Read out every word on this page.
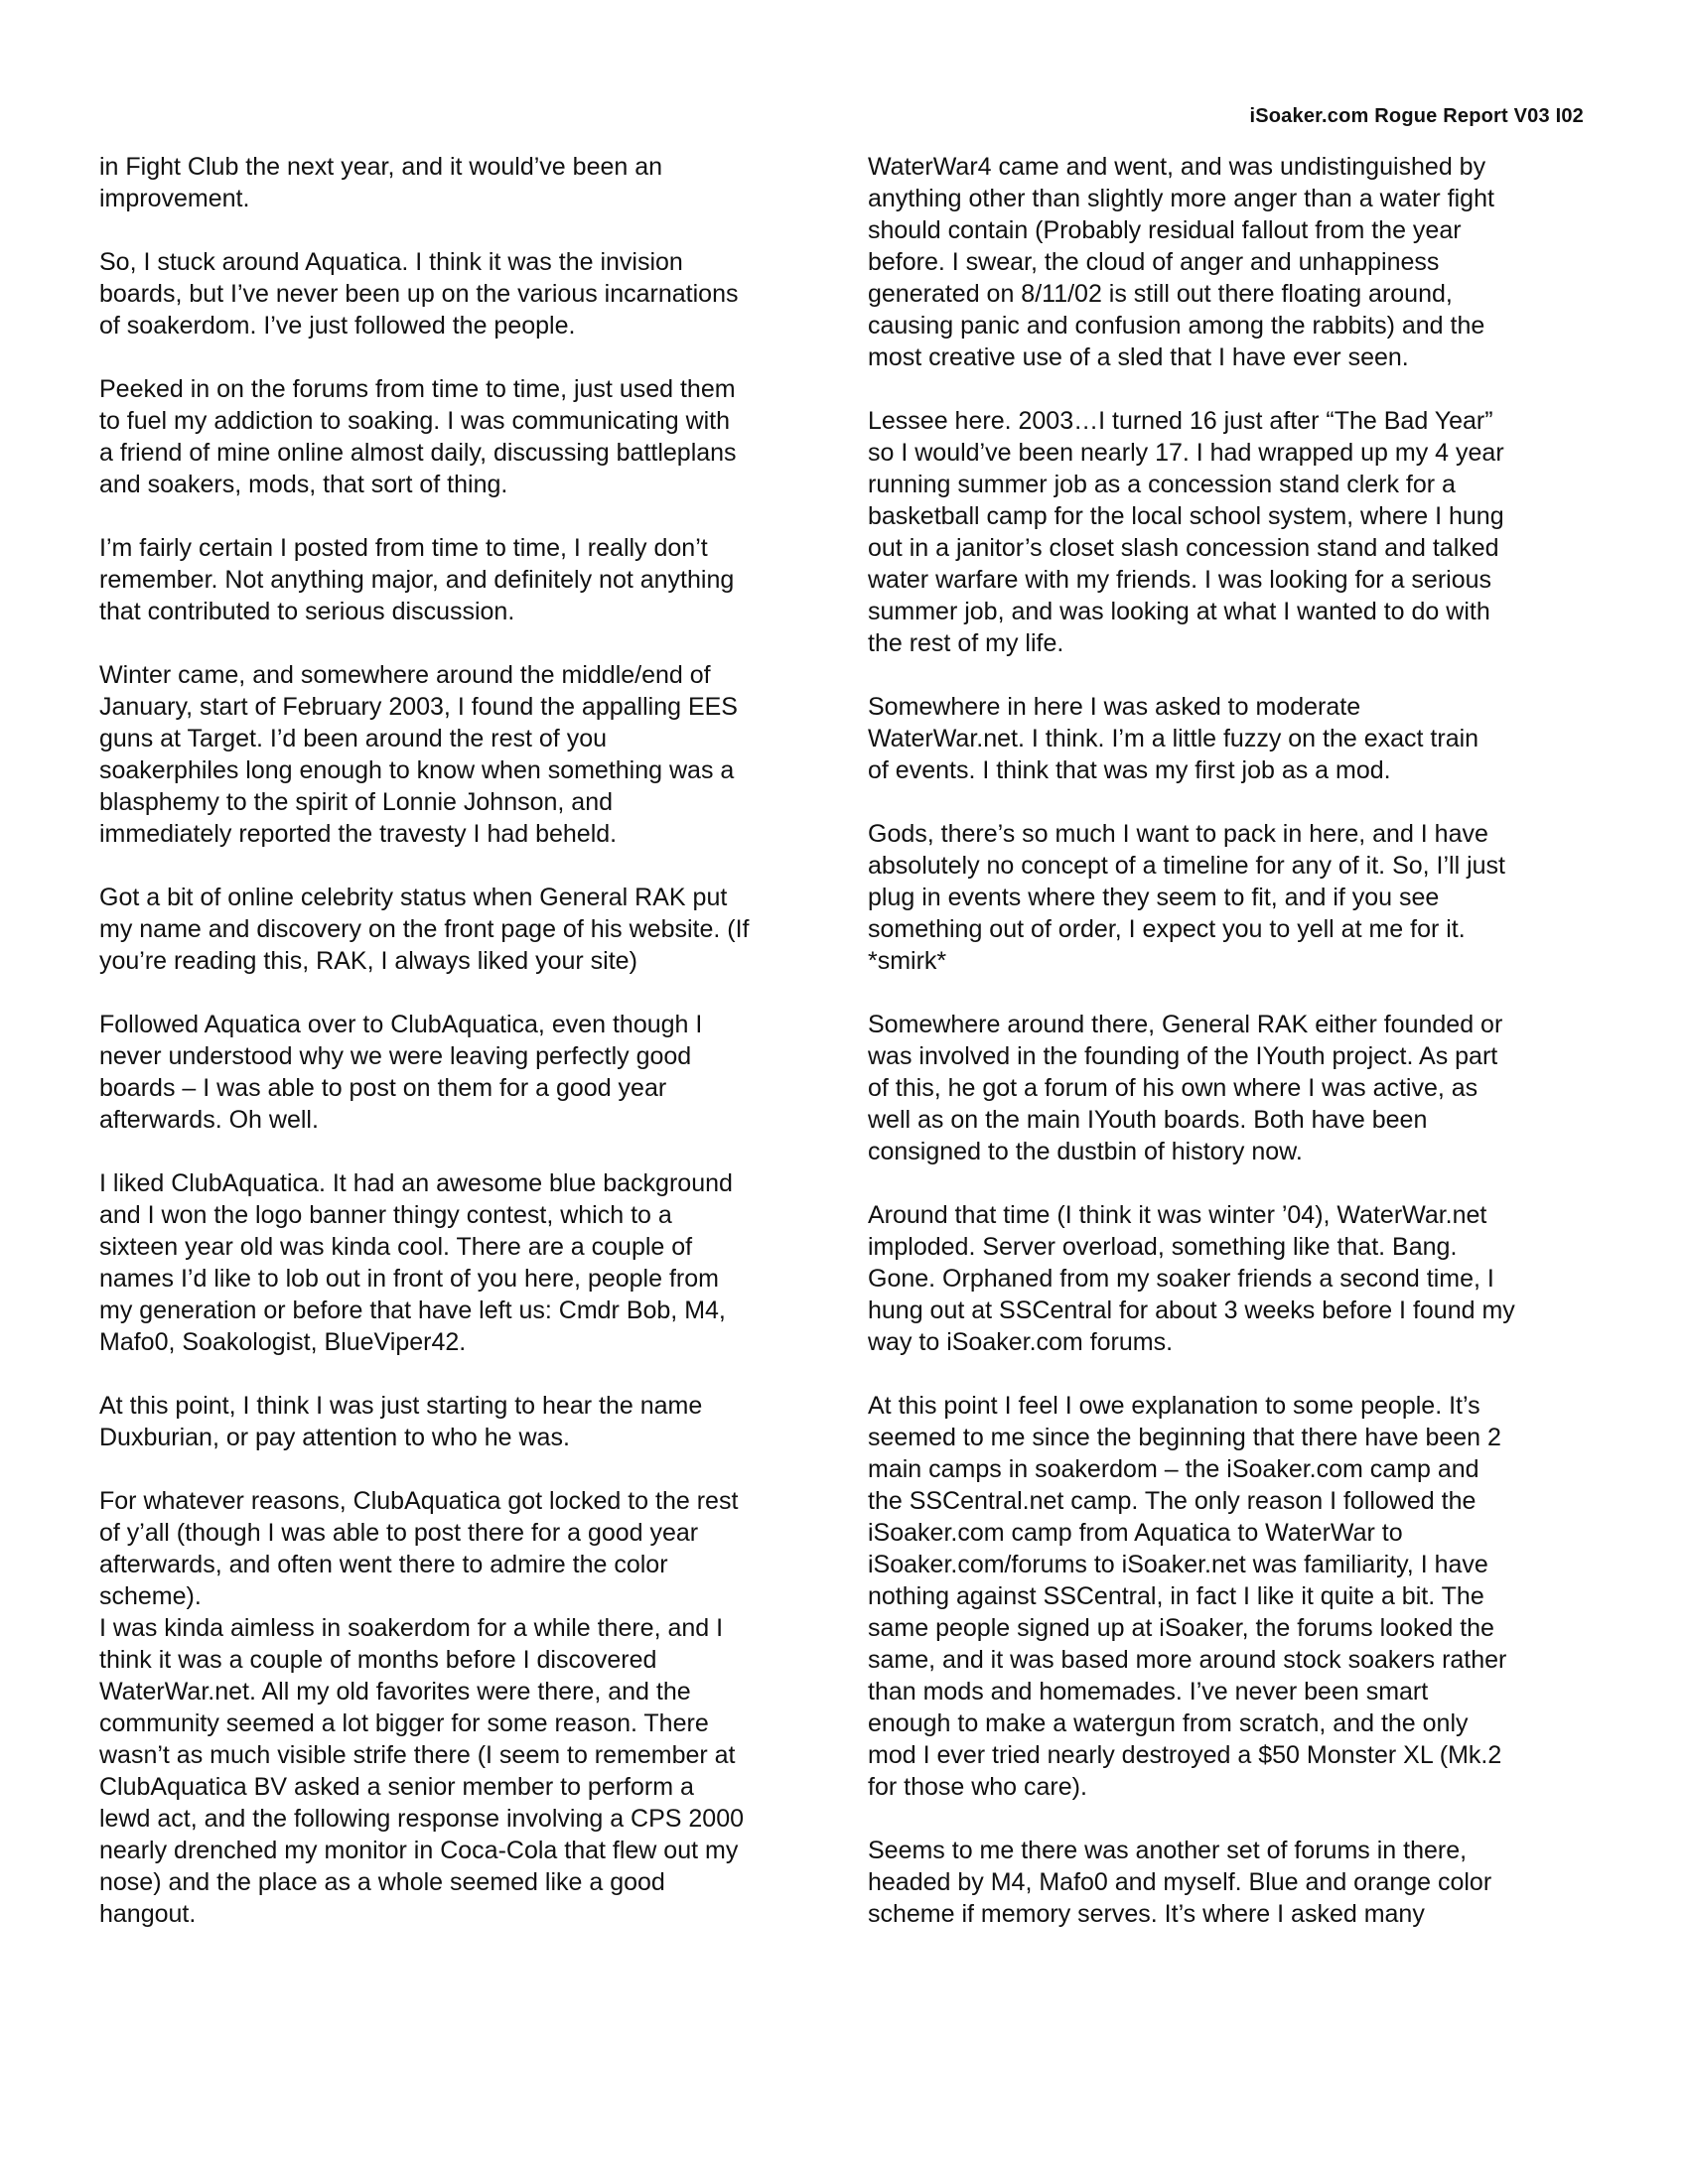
iSoaker.com Rogue Report V03 I02

in Fight Club the next year, and it would’ve been an
improvement.

So, I stuck around Aquatica. I think it was the invision
boards, but I’ve never been up on the various incarnations
of soakerdom. I’ve just followed the people.

Peeked in on the forums from time to time, just used them
to fuel my addiction to soaking. I was communicating with
a friend of mine online almost daily, discussing battleplans
and soakers, mods, that sort of thing.

I’m fairly certain I posted from time to time, I really don’t
remember. Not anything major, and definitely not anything
that contributed to serious discussion.

Winter came, and somewhere around the middle/end of
January, start of February 2003, I found the appalling EES
guns at Target. I’d been around the rest of you
soakerphiles long enough to know when something was a
blasphemy to the spirit of Lonnie Johnson, and
immediately reported the travesty I had beheld.

Got a bit of online celebrity status when General RAK put
my name and discovery on the front page of his website. (If
you’re reading this, RAK, I always liked your site)

Followed Aquatica over to ClubAquatica, even though I
never understood why we were leaving perfectly good
boards – I was able to post on them for a good year
afterwards. Oh well.

I liked ClubAquatica. It had an awesome blue background
and I won the logo banner thingy contest, which to a
sixteen year old was kinda cool. There are a couple of
names I’d like to lob out in front of you here, people from
my generation or before that have left us: Cmdr Bob, M4,
Mafo0, Soakologist, BlueViper42.

At this point, I think I was just starting to hear the name
Duxburian, or pay attention to who he was.

For whatever reasons, ClubAquatica got locked to the rest
of y’all (though I was able to post there for a good year
afterwards, and often went there to admire the color
scheme).

I was kinda aimless in soakerdom for a while there, and I
think it was a couple of months before I discovered
WaterWar.net. All my old favorites were there, and the
community seemed a lot bigger for some reason. There
wasn’t as much visible strife there (I seem to remember at
ClubAquatica BV asked a senior member to perform a
lewd act, and the following response involving a CPS 2000
nearly drenched my monitor in Coca-Cola that flew out my
nose) and the place as a whole seemed like a good
hangout.

WaterWar4 came and went, and was undistinguished by
anything other than slightly more anger than a water fight
should contain (Probably residual fallout from the year
before. I swear, the cloud of anger and unhappiness
generated on 8/11/02 is still out there floating around,
causing panic and confusion among the rabbits) and the
most creative use of a sled that I have ever seen.

Lessee here. 2003…I turned 16 just after “The Bad Year”
so I would’ve been nearly 17. I had wrapped up my 4 year
running summer job as a concession stand clerk for a
basketball camp for the local school system, where I hung
out in a janitor’s closet slash concession stand and talked
water warfare with my friends. I was looking for a serious
summer job, and was looking at what I wanted to do with
the rest of my life.

Somewhere in here I was asked to moderate
WaterWar.net. I think. I’m a little fuzzy on the exact train
of events. I think that was my first job as a mod.

Gods, there’s so much I want to pack in here, and I have
absolutely no concept of a timeline for any of it. So, I’ll just
plug in events where they seem to fit, and if you see
something out of order, I expect you to yell at me for it.
*smirk*

Somewhere around there, General RAK either founded or
was involved in the founding of the IYouth project. As part
of this, he got a forum of his own where I was active, as
well as on the main IYouth boards. Both have been
consigned to the dustbin of history now.

Around that time (I think it was winter ’04), WaterWar.net
imploded. Server overload, something like that. Bang.
Gone. Orphaned from my soaker friends a second time, I
hung out at SSCentral for about 3 weeks before I found my
way to iSoaker.com forums.

At this point I feel I owe explanation to some people. It’s
seemed to me since the beginning that there have been 2
main camps in soakerdom – the iSoaker.com camp and
the SSCentral.net camp. The only reason I followed the
iSoaker.com camp from Aquatica to WaterWar to
iSoaker.com/forums to iSoaker.net was familiarity, I have
nothing against SSCentral, in fact I like it quite a bit. The
same people signed up at iSoaker, the forums looked the
same, and it was based more around stock soakers rather
than mods and homemades. I’ve never been smart
enough to make a watergun from scratch, and the only
mod I ever tried nearly destroyed a $50 Monster XL (Mk.2
for those who care).

Seems to me there was another set of forums in there,
headed by M4, Mafo0 and myself. Blue and orange color
scheme if memory serves. It’s where I asked many
